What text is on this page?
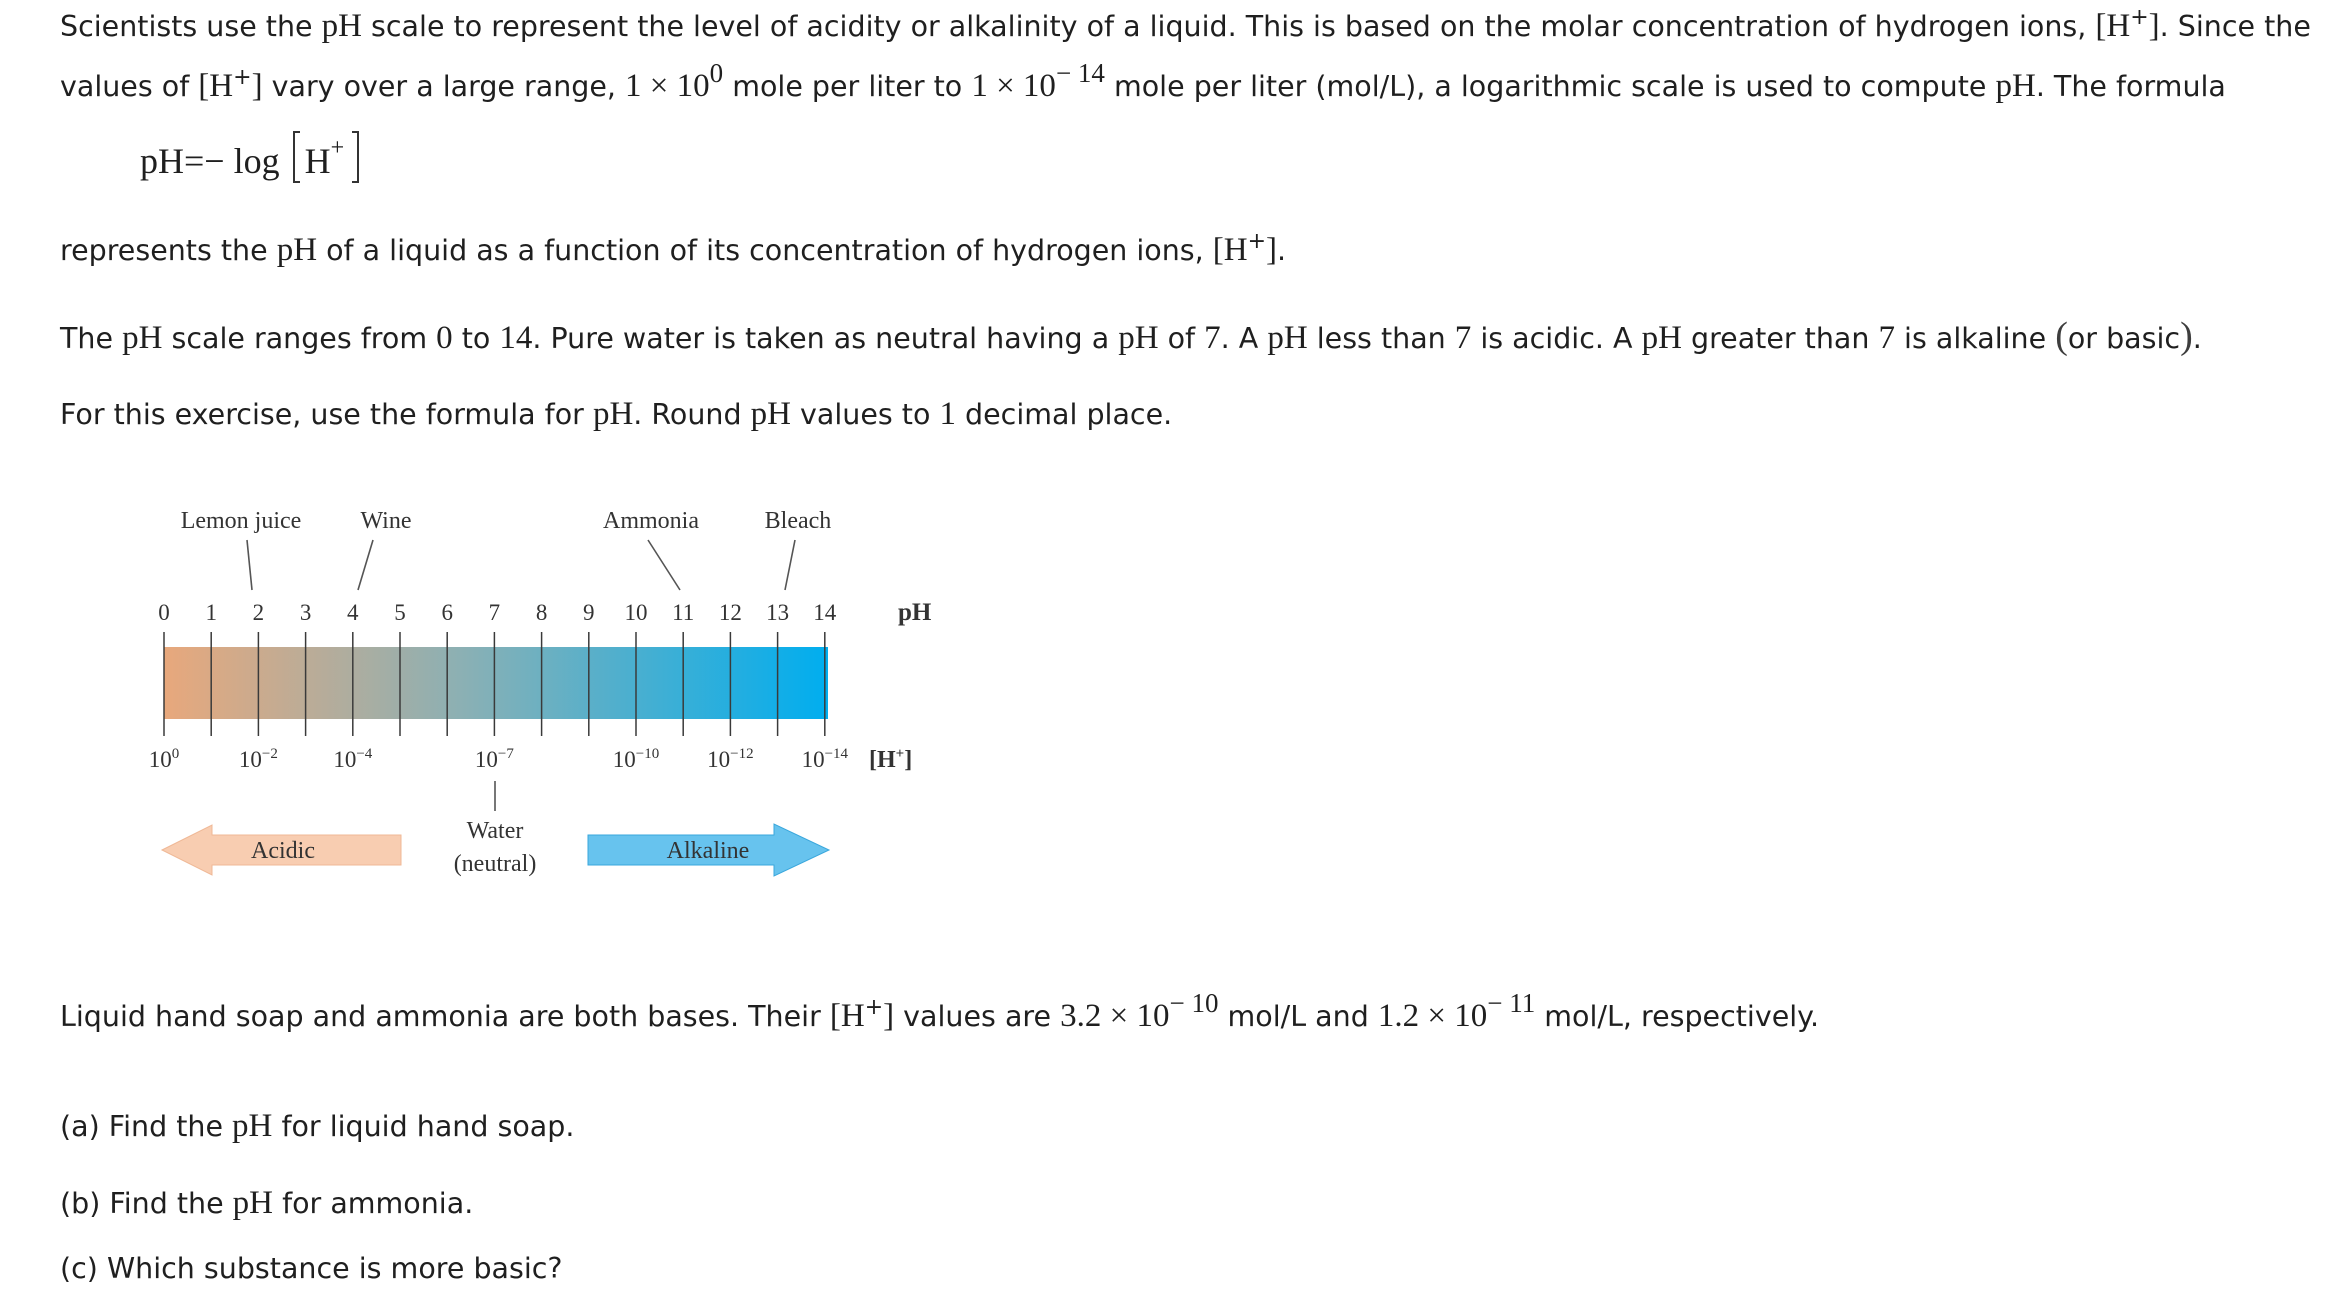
Scientists use the pH scale to represent the level of acidity or alkalinity of a liquid. This is based on the molar concentration of hydrogen ions, [H+]. Since the
values of [H+] vary over a large range, 1 × 100 mole per liter to 1 × 10− 14 mole per liter (mol/L), a logarithmic scale is used to compute pH. The formula
pH=− log H+
represents the pH of a liquid as a function of its concentration of hydrogen ions, [H+].
The pH scale ranges from 0 to 14. Pure water is taken as neutral having a pH of 7. A pH less than 7 is acidic. A pH greater than 7 is alkaline (or basic).
For this exercise, use the formula for pH. Round pH values to 1 decimal place.
Lemon juice Wine	Ammonia	Bleach
0 1 2 3 4 5 6 7 8 9 10 11 12 13 14 pH
$10^0$	$10^{-2}$ $10^{-4}$	$10^{-7}$	$10^{-10}$ $10^{-12}$ $10^{-14}$ [H+]
Water
(neutral)
Acidic	Alkaline
Liquid hand soap and ammonia are both bases. Their [H+] values are 3.2 × 10− 10 mol/L and 1.2 × 10− 11 mol/L, respectively.
(a) Find the pH for liquid hand soap.
(b) Find the pH for ammonia.
(c) Which substance is more basic?
